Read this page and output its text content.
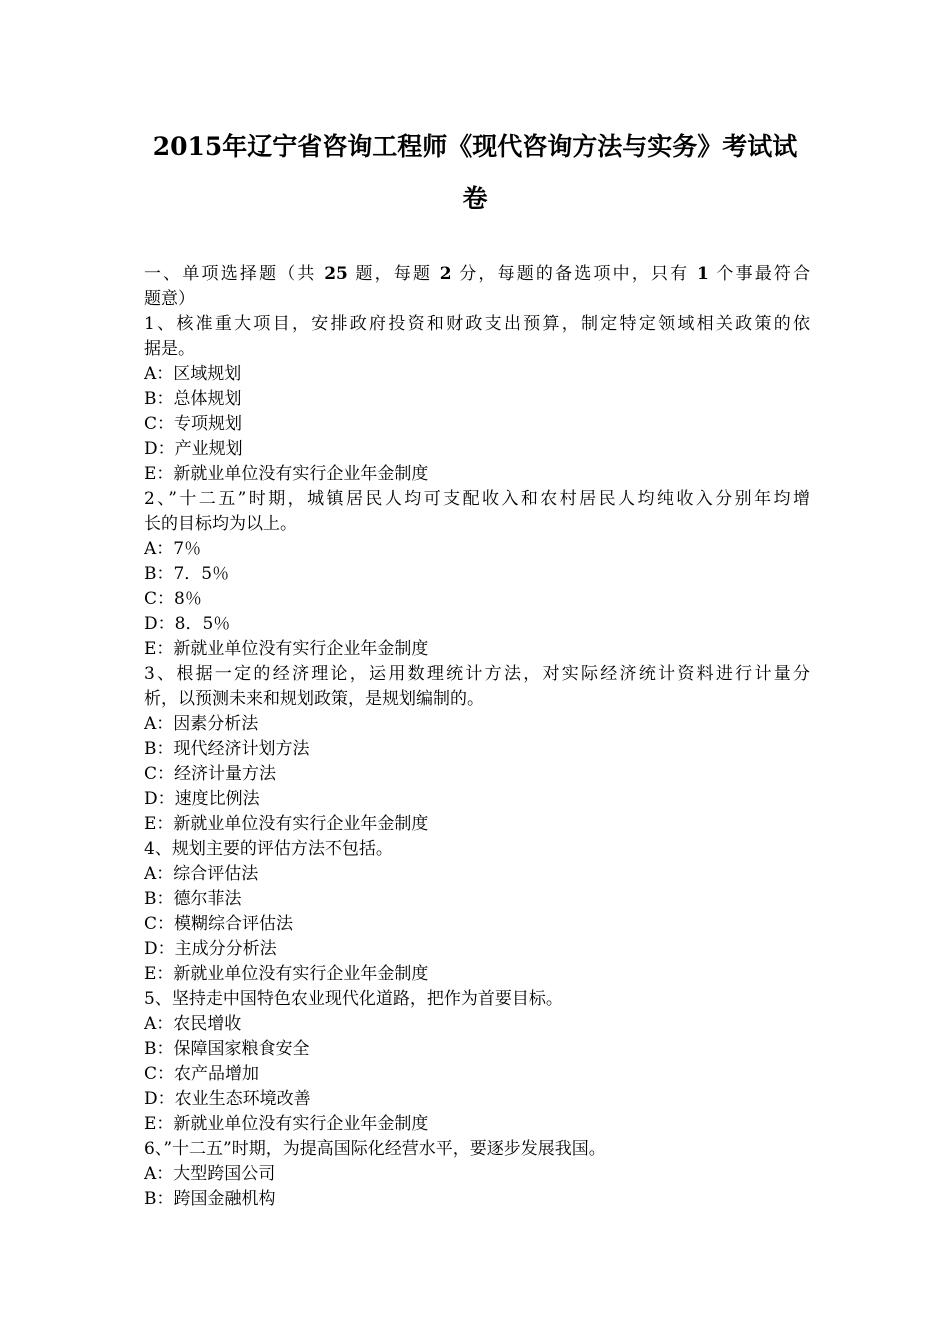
2015年辽宁省咨询工程师《现代咨询方法与实务》考试试
卷
一、单项选择题（共 25 题，每题 2 分，每题的备选项中，只有 1 个事最符合
题意）
1、核准重大项目，安排政府投资和财政支出预算，制定特定领域相关政策的依
据是。
A：区域规划
B：总体规划
C：专项规划
D：产业规划
E：新就业单位没有实行企业年金制度
2、”十二五”时期，城镇居民人均可支配收入和农村居民人均纯收入分别年均增
长的目标均为以上。
A：7％
B：7．5％
C：8％
D：8．5％
E：新就业单位没有实行企业年金制度
3、根据一定的经济理论，运用数理统计方法，对实际经济统计资料进行计量分
析，以预测未来和规划政策，是规划编制的。
A：因素分析法
B：现代经济计划方法
C：经济计量方法
D：速度比例法
E：新就业单位没有实行企业年金制度
4、规划主要的评估方法不包括。
A：综合评估法
B：德尔菲法
C：模糊综合评估法
D：主成分分析法
E：新就业单位没有实行企业年金制度
5、坚持走中国特色农业现代化道路，把作为首要目标。
A：农民增收
B：保障国家粮食安全
C：农产品增加
D：农业生态环境改善
E：新就业单位没有实行企业年金制度
6、”十二五”时期，为提高国际化经营水平，要逐步发展我国。
A：大型跨国公司
B：跨国金融机构
